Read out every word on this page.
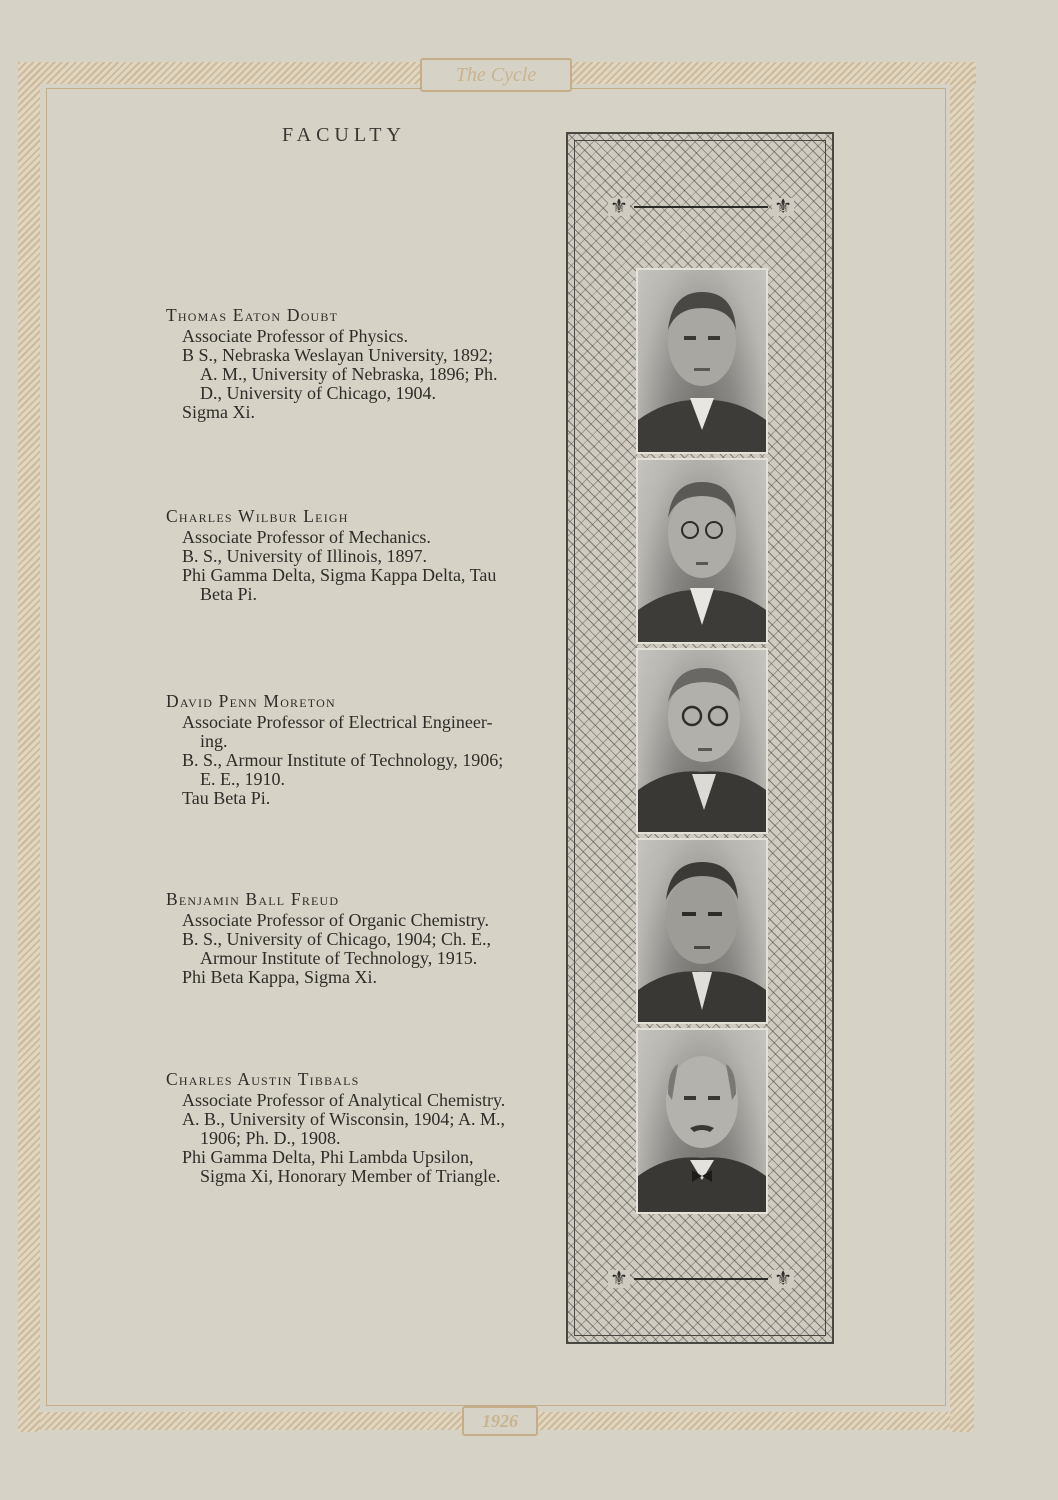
The Cycle
1926
FACULTY
Thomas Eaton Doubt

Associate Professor of Physics.

B S., Nebraska Weslayan University, 1892;

A. M., University of Nebraska, 1896; Ph.

D., University of Chicago, 1904.

Sigma Xi.

Charles Wilbur Leigh

Associate Professor of Mechanics.

B. S., University of Illinois, 1897.

Phi Gamma Delta, Sigma Kappa Delta, Tau

Beta Pi.

David Penn Moreton

Associate Professor of Electrical Engineer-

ing.

B. S., Armour Institute of Technology, 1906;

E. E., 1910.

Tau Beta Pi.

Benjamin Ball Freud

Associate Professor of Organic Chemistry.

B. S., University of Chicago, 1904; Ch. E.,

Armour Institute of Technology, 1915.

Phi Beta Kappa, Sigma Xi.

Charles Austin Tibbals

Associate Professor of Analytical Chemistry.

A. B., University of Wisconsin, 1904; A. M.,

1906; Ph. D., 1908.

Phi Gamma Delta, Phi Lambda Upsilon,

Sigma Xi, Honorary Member of Triangle.

⚜	⚜
⚜	⚜
